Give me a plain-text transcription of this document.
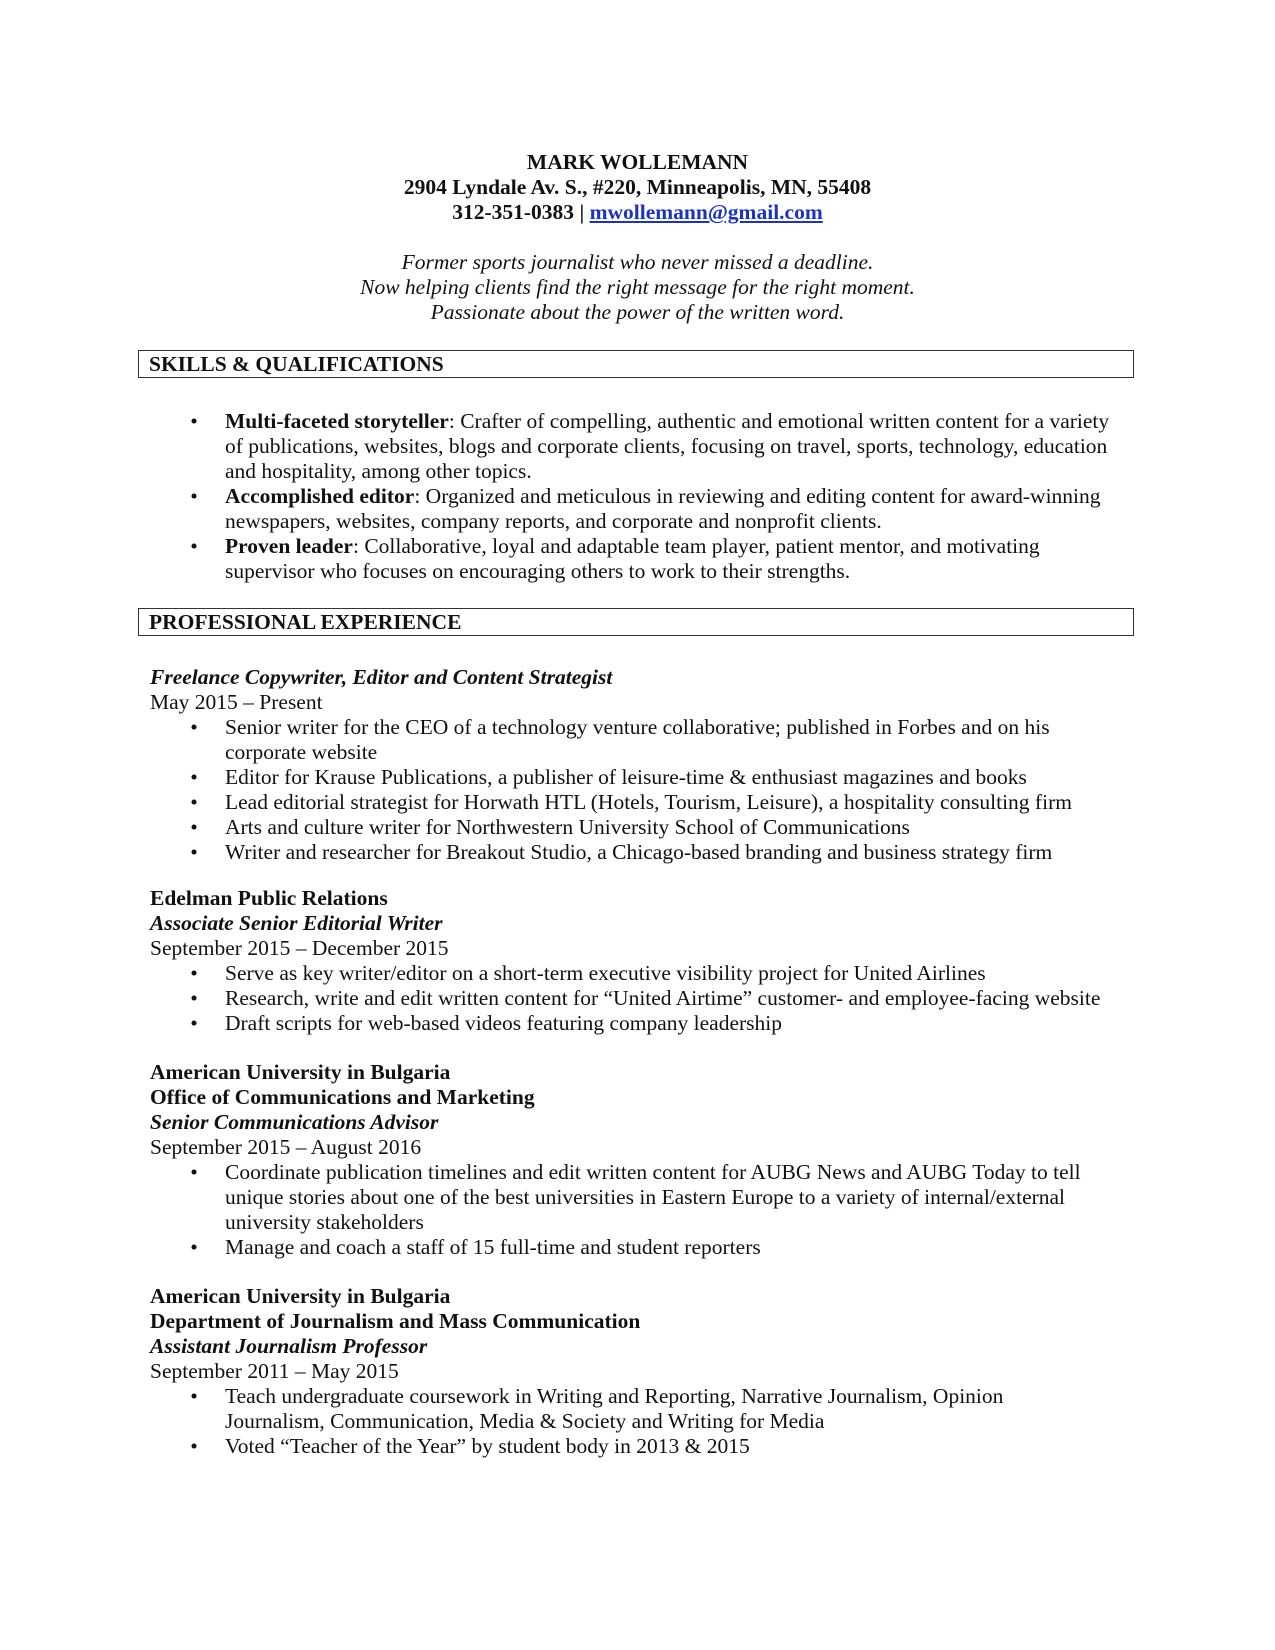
MARK WOLLEMANN
2904 Lyndale Av. S., #220, Minneapolis, MN, 55408
312-351-0383 | mwollemann@gmail.com
Former sports journalist who never missed a deadline.
Now helping clients find the right message for the right moment.
Passionate about the power of the written word.
SKILLS & QUALIFICATIONS
• Multi-faceted storyteller: Crafter of compelling, authentic and emotional written content for a variety of publications, websites, blogs and corporate clients, focusing on travel, sports, technology, education and hospitality, among other topics.
• Accomplished editor: Organized and meticulous in reviewing and editing content for award-winning newspapers, websites, company reports, and corporate and nonprofit clients.
• Proven leader: Collaborative, loyal and adaptable team player, patient mentor, and motivating supervisor who focuses on encouraging others to work to their strengths.
PROFESSIONAL EXPERIENCE
Freelance Copywriter, Editor and Content Strategist
May 2015 – Present
• Senior writer for the CEO of a technology venture collaborative; published in Forbes and on his corporate website
• Editor for Krause Publications, a publisher of leisure-time & enthusiast magazines and books
• Lead editorial strategist for Horwath HTL (Hotels, Tourism, Leisure), a hospitality consulting firm
• Arts and culture writer for Northwestern University School of Communications
• Writer and researcher for Breakout Studio, a Chicago-based branding and business strategy firm
Edelman Public Relations
Associate Senior Editorial Writer
September 2015 – December 2015
• Serve as key writer/editor on a short-term executive visibility project for United Airlines
• Research, write and edit written content for “United Airtime” customer- and employee-facing website
• Draft scripts for web-based videos featuring company leadership
American University in Bulgaria
Office of Communications and Marketing
Senior Communications Advisor
September 2015 – August 2016
• Coordinate publication timelines and edit written content for AUBG News and AUBG Today to tell unique stories about one of the best universities in Eastern Europe to a variety of internal/external university stakeholders
• Manage and coach a staff of 15 full-time and student reporters
American University in Bulgaria
Department of Journalism and Mass Communication
Assistant Journalism Professor
September 2011 – May 2015
• Teach undergraduate coursework in Writing and Reporting, Narrative Journalism, Opinion Journalism, Communication, Media & Society and Writing for Media
• Voted “Teacher of the Year” by student body in 2013 & 2015
